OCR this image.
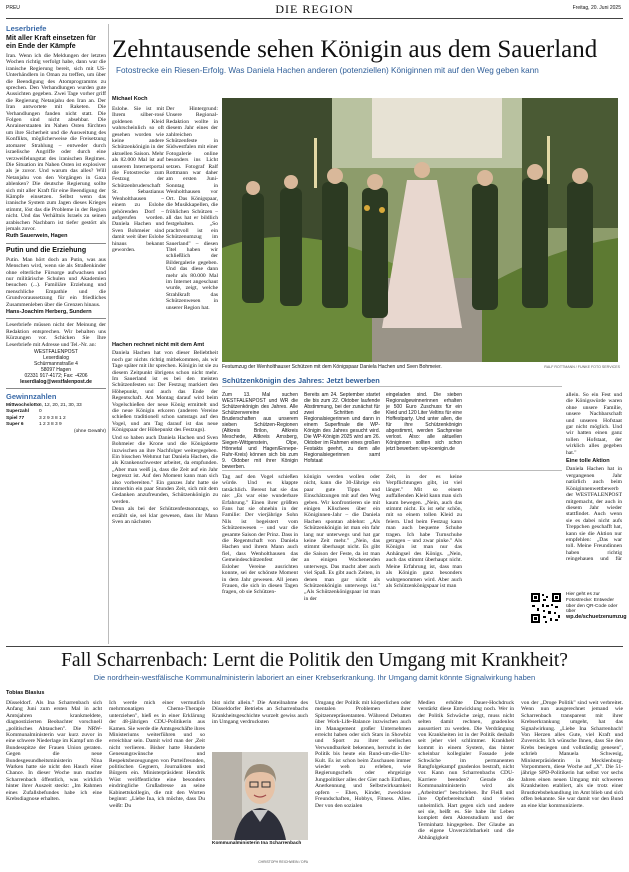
PREU	DIE REGION	Freitag, 20. Juni 2025
Leserbriefe
Mit aller Kraft einsetzen für ein Ende der Kämpfe

Iran. Wenn ich die Meldungen der letzten Wochen richtig verfolgt habe, dann war die iranische Regierung bereit, sich mit US-Unterhändlern in Oman zu treffen, um über die Beendigung des Atomprogramms zu sprechen. Den Verhandlungen wurden gute Aussichten gegeben. Zwei Tage vorher griff die Regierung Netanjahu den Iran an. Der Iran antwortete mit Raketen. Die Verhandlungen fanden nicht statt. Die Folgen sind nicht absehbar. Die Anrainerstaaten im Nahen Osten fürchten um ihre Sicherheit und die Ausweitung des Konflikts, möglicherweise die Freisetzung atomarer Strahlung – entweder durch israelische Angriffe oder durch eine verzweifelungstat des iranischen Regimes. Die Situation im Nahen Osten ist explosiver als je zuvor. Und warum das alles? Will Netanjahu von den Vorgängen in Gaza ablenken? Die deutsche Regierung sollte sich mit aller Kraft für eine Beendigung der Kämpfe einsetzen. Selbst wenn das iranische System zum Jagen dieses Krieges stimmt, löst das die Probleme in der Region nicht. Und das Verhältnis Israels zu seinen arabischen Nachbarn ist tiefer gestört als jemals zuvor.

Ruth Sauerwein, Hagen
Putin und die Erziehung

Putin. Man hört doch an Putin, was aus Menschen wird, wenn sie als Straßenkinder ohne elterliche Fürsorge aufwachsen und nur militärische Schulen und Akademien besuchen (...). Familiäre Erziehung und menschliche Empathie und die Grundvoraussetzung für ein friedliches Zusammenleben über die Grenzen hinaus.

Hans-Joachim Herberg, Sundern

Leserbriefe müssen nicht der Meinung der Redaktion entsprechen. Wir behalten uns Kürzungen vor. Schicken Sie Ihre Leserbriefe mit Adresse und Tel.-Nr. an:

WESTFALENPOST
Leserdialog
Schürmannstraße 4
58097 Hagen
02331 917-4172; Fax: -4206
leserdialog@westfalenpost.de
Gewinnzahlen
Mittwochslotto 6, 12, 20, 21, 30, 33
Superzahl	0
Spiel 77	3 2 9 3 8 1 2
Super 6	1 2 3 8 3 9
(ohne Gewähr)
Zehntausende sehen Königin aus dem Sauerland
Fotostrecke ein Riesen-Erfolg. Was Daniela Hachen anderen (potenziellen) Königinnen mit auf den Weg geben kann
Michael Koch

Eslohe. Sie ist mit Ihrem silber-rosé goldenen Kleid wahrscheinlich so oft gesehen worden wie keine andere Schützenkönigin in der aktuellen Saison. Mehr als 82.000 Mal ist auf unserem Internetportal die Fotostrecke zum Festzug der Schützenbruderschaft St. Sebastianus Wenholthausen – einem zu Eslohe gehörenden Dorf – aufgerufen worden. Daniela Hachen und Sven Bohmeier sind damit weit über Eslohe hinaus bekannt geworden.

Der Hintergrund: Unsere Regional-Redaktion wollte in diesem Jahr eines der zahlreichen Schützenfeste in Südwestfalen mit einer Fotogalerie online besonders ins Licht setzen. Fotograf Ralf Rottmann war daher am ersten Juni-Sonntag in Wenholthausen vor Ort. Das Königspaar, die Musikkapellen, die fröhlichen Schützen – all das hat er bildlich festgehalten. „So prachtvoll ist ein Schützenumzug im Sauerland" – diesen Titel haben wir schließlich der Bildergalerie gegeben. Und das diese dann mehr als 80.000 Mal im Internet angeschaut wurde, zeigt, welche Strahlkraft das Schützenwesen in unserer Region hat.

Hachen rechnet nicht mit dem Amt

Daniela Hachen hat von dieser Beliebtheit noch gar nichts richtig mitbekommen, als wir Tage später mit ihr sprechen. Königin ist sie zu diesem Zeitpunkt übrigens schon nicht mehr. Im Sauerland ist es bei den meisten Schützenfesten so: Der Festzug markiert den Höhepunkt, und auch das Ende der Regentschaft. Am Montag darauf wird beim Vogelschießen der neue König ermittelt und die neue Königin erkoren (anderen Vereine schießen traditionell schon samstags auf den Vogel, und am Tag darauf ist das neue Königspaar der Höhepunkt des Festzugs).

Und so haben auch Daniela Hachen und Sven Bohmeier die Krone und die Königskette inzwischen an ihre Nachfolger weitergegeben. Ein bisschen Wehmut hat Daniela Hachen, die als Krankenschwester arbeitet, da empfunden. „Aber man weiß ja, dass die Zeit auf ein Jahr begrenzt ist. Auf den Moment kann man sich also vorbereiten." Ein ganzes Jahr hatte sie immerhin ein paar Stunden Zeit, sich mit dem Gedanken anzufreunden, Schützenkönigin zu werden.

Denn als bei der Schützenfestsonntags, so erzählt sie, sei klar gewesen, dass ihr Mann Sven an nächsten

Festumzug der Wenholthauser Schützen mit dem Königspaar Daniela Hachen und Sven Bohmeier.	RALF ROTTMANN / FUNKE FOTO SERVICES
Schützenkönigin des Jahres: Jetzt bewerben

Zum 13. Mal suchen WESTFALENPOST und WR die Schützenkönigin des Jahres. Alle Schützenvereine und Bruderschaften aus unserem sieben Schützen-Regionen (Altkreis Brilon, Altkreis Meschede, Altkreis Arnsberg, Siegen-Wittgenstein, Olpe, Hönnetal und Hagen/Ennepe-Ruhr-Kreis) können sich bis zum 9. Oktober mit ihrer Königin bewerben.

Bereits am 24. September startet die bis zum 22. Oktober laufende Abstimmung, bei der zunächst für zwei Schritten die Regionalsiegerinnen und dann in einem Superfinale die WP-Königin des Jahres gesucht wird. Die WP-Königin 2025 wird am 26. Oktober im Rahmen eines großen Festakts geehrt, zu dem alle Regionalsiegerinnen samt Hofstaat

eingeladen sind. Die sieben Regionalgewinnerinnen erhalten je 500 Euro Zuschuss für ein Kleid und 120 Liter Veltins für eine Hoffestparty. Und unter allen, die für ihre Schützenkönigin abgestimmt, werden Sachpreise verlost. Also: alle aktuellen Königinnen sollten sich schon jetzt bewerben: wp-koenigin.de

Tag auf den Vogel schießen würde. Und es klappte tatsächlich. Bereut hat sie das nie: „Es war eine wunderbare Erfahrung." Einen ihrer größten Fans hat sie ohnehin in der Familie: Der vierjährige Sohn Nils ist begeistert vom Schützenwesen – und war die gesamte Saison der Prinz. Dass in die Regentschaft von Daniela Hachen und ihrem Mann auch fiel, dass Wenholthausen das Gemeindeschützenfest der Esloher Vereine ausrichten konnte, sei der schönste Moment in dem Jahr gewesen. All jenen Frauen, die sich in diesen Tagen fragen, ob sie Schützen-

königin werden wollen oder nicht, kann die 30-Jährige ein paar gute Tipps und Einschätzungen mit auf den Weg geben. Wir konfrontieren sie mit einigen Klischees über ein Königinnen-Jahr – die Daniela Hachen spontan ablehnt: „Als Schützenkönigin ist man ein fahr lang nur unterwegs und hat gar keine Zeit mehr." „Nein, das stimmt überhaupt nicht. Es gibt die Saison der Feste, da ist man an einigen Wochenenden unterwegs. Das macht aber auch viel Spaß. Es gibt auch Zeiten, in denen man gar nicht als Schützenkönigin unterwegs ist." „Als Schützenkönigspaar ist man in der

Zeit, in der es keine Verpflichtungen gibt, ist viel länger." Mit so einem auffallenden Kleid kann man sich kaum bewegen. „Nein, auch das stimmt nicht. Es ist sehr schön, mit so einem tollen Kleid zu feiern. Und beim Festzug kann man auch bequeme Schuhe tragen. Ich habe Turnschuhe getragen – und zwar pinke." Als Königin ist man nur das Anhängsel des Königs. „Nein, auch das stimmt überhaupt nicht. Meine Erfahrung ist, dass man als Königin ganz besonders wahrgenommen wird. Aber auch als Schützenkönigspaar ist man

allein. So ein Fest und die Königswürde waren ohne unsere Familie, unsere Nachbarschaft und unseren Hofstaat gar nicht möglich. Und wir hatten einen ganz tollen Hofstaat, der wirklich alles gegeben hat."

Eine tolle Aktion

Daniela Hachen hat in vergangenen Jahr natürlich auch beim Königinnenwettbewerb der WESTFALENPOST mitgemacht, der auch in diesem Jahr wieder stattfindet. Auch wenn sie es dabei nicht aufs Treppchen geschafft hat, kann sie die Aktion nur empfehlen: „Das war toll. Meine Freundinnen haben richtig reingehauen und für

Hier geht es zur Fotostrecke: Entweder über den QR-Code oder über wp.de/schuetzenumzug
Fall Scharrenbach: Lernt die Politik den Umgang mit Krankheit?
Die nordrhein-westfälische Kommunalministerin laboriert an einer Krebserkrankung. Ihr Umgang damit könnte Signalwirkung haben
Tobias Blasius

Düsseldorf. Als Ina Scharrenbach sich Anfang Juni zum ersten Mal in acht Amtsjahren krankmeldete, diagnostizierten Beobachter vorschnell „politisches Abtauchen". Die NRW-Kommunalministerin war kurz zuvor in eine schwere Niederlage im Kampf um die Bundesspitze der Frauen Union geraten. Gegen die neue Bundesgesundheitsministerin Nina Warken hatte sie nicht den Hauch einer Chance. In dieser Woche nun machte Scharrenbach öffentlich, was wirklich hinter ihrer Auszeit steckt: „Im Rahmen eines Zufallsbefundes habe ich eine Krebsdiagnose erhalten.

Ich werde mich einer vermutlich mehrmonatigen Chemo-Therapie unterziehen", hieß es in einer Erklärung der 48-jährigen CDU-Politikerin aus Kamen. Sie werde die Amtsgeschäfte ihres Ministeriums weiterführen und so erreichbar sein. Damit wird man der ,Zeit nicht verlieren. Bisher hatte Hunderte Genesungswünsche und Respektsbezeugungen von Parteifreunden, politischen Gegnern, Journalisten und Bürgern ein. Ministerpräsident Hendrik Wüst veröffentlichte eine besonders eindringliche Grußadresse an seine Kabinettskollegin, die mit den Worten beginnt: „Liebe Ina, ich möchte, dass Du weißt: Du

bist nicht allein." Die Anteilnahme des Düsseldorfer Betriebs an Scharrenbachs Krankheitsgeschichte wurzelt gewiss auch im Umgang verdrucksten

Kommunalministerin Ina Scharrenbach
CHRISTOPH REICHWEIN / DPA

Umgang der Politik mit körperlichen oder mentalen Problemen ihrer Spitzenrepräsentanten. Während Debatten über Work-Life-Balance inzwischen auch im Management großer Unternehmen erreicht haben oder sich Stars in Showbiz und Sport zu ihrer seelischen Verwundbarkeit bekennen, herrscht in der Politik bis heute ein Rund-um-die-Uhr-Kult. Es ist schon beim Zuschauen immer wieder weh zu erleben, wie Regierungschefs oder ehrgeizige Jungpolitiker alles der Gier nach Einfluss, Anerkennung und Selbstwirksamkeit opfern – Ehen, Kinder, zwecklose Freundschaften, Hobbys, Fitness. Alles. Der von den sozialen

Medien erhöhte Dauer-Hochdruck verstärkt diese Entwicklung noch. Wer in der Politik Schwäche zeigt, muss nicht selten damit rechnen, gnadenlos aussortiert zu werden. Die Verdrängung von Krankheiten ist in der Politik deshalb seit jeher viel schlimmer. Krankheit kommt in einem System, das hinter scheinbar kollegialer Fassade jede Schwäche im permanenten Rangfolgekampf gnadenlos bestraft, nicht vor. Kann nun Scharrenbachs CDU-Karriere beenden? Gerade die Kommunalministerin wird als „Arbeitstier" beschrieben. Ihr Fleiß und ihre Opferbereitschaft sind vielen unheimlich. Hart gegen sich und andere sei sie, heißt es. Sie habe ihr Leben komplett dem Aktenstudium und der Terminhatz hingegeben. Der Glaube an die eigene Unverzichtbarkeit und die Abhängigkeit

von der „Droge Politik" sind weit verbreitet. Wenn nun ausgerechnet jemand wie Scharrenbach transparent mit ihrer Krebserkrankung umgeht, hat das Signalwirkung. „Liebe Ina Scharrenbach! Von Herzen alles Gute, viel Kraft und Zuversicht. Ich wünsche Ihnen, dass Sie den Krebs besiegen und vollständig genesen", schrieb Manuela Schwesig, Ministerpräsidentin in Mecklenburg-Vorpommern, diese Woche auf „X". Die 51-jährige SPD-Politikerin hat selbst vor sechs Jahren einen neuen Umgang mit schweren Krankheiten etabliert, als sie trotz einer Brustkrebsbehandlung im Amt blieb und sich offen bekannte. Sie war damit vor den Bund an eine klar kommunizierte.
